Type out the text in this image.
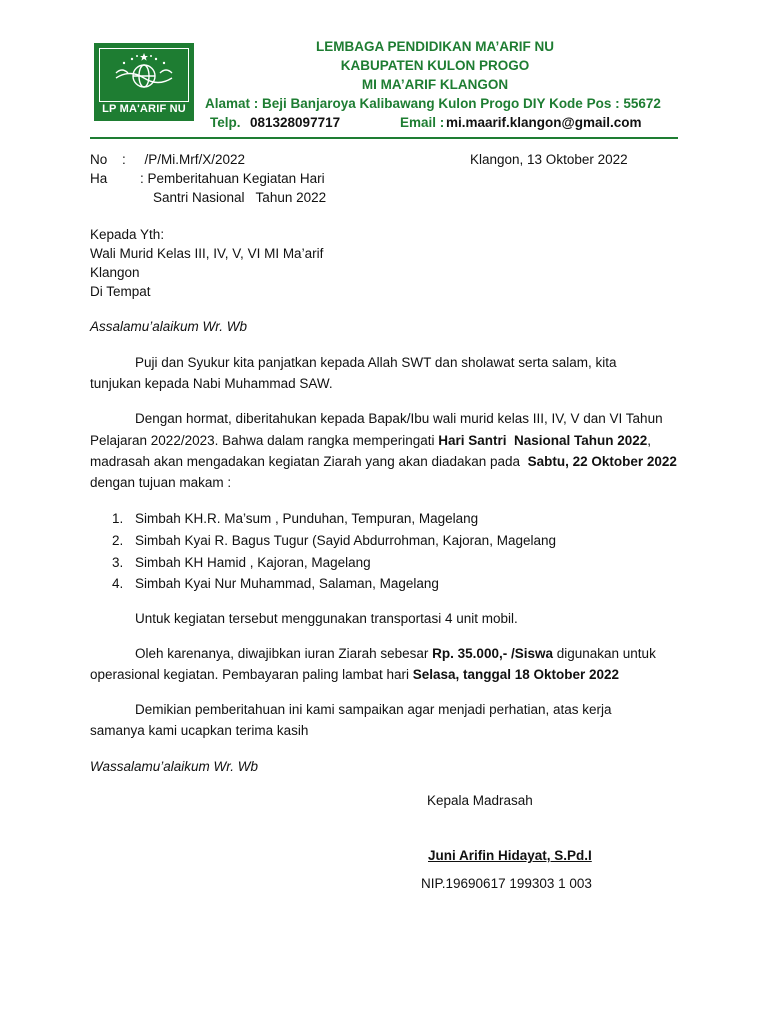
LP MA'ARIF NU
LEMBAGA PENDIDIKAN MA’ARIF NU
KABUPATEN KULON PROGO
MI MA’ARIF KLANGON
Alamat : Beji Banjaroya Kalibawang Kulon Progo DIY Kode Pos : 55672
Telp. 081328097717	Email : mi.maarif.klangon@gmail.com
No :     /P/Mi.Mrf/X/2022	Klangon, 13 Oktober 2022
Ha : Pemberitahuan Kegiatan Hari
Santri Nasional   Tahun 2022
Kepada Yth:
Wali Murid Kelas III, IV, V, VI MI Ma’arif
Klangon
Di Tempat
Assalamu’alaikum Wr. Wb
Puji dan Syukur kita panjatkan kepada Allah SWT dan sholawat serta salam, kita
tunjukan kepada Nabi Muhammad SAW.
Dengan hormat, diberitahukan kepada Bapak/Ibu wali murid kelas III, IV, V dan VI Tahun
Pelajaran 2022/2023. Bahwa dalam rangka memperingati Hari Santri  Nasional Tahun 2022,
madrasah akan mengadakan kegiatan Ziarah yang akan diadakan pada  Sabtu, 22 Oktober 2022
dengan tujuan makam :
1. Simbah KH.R. Ma’sum , Punduhan, Tempuran, Magelang
2. Simbah Kyai R. Bagus Tugur (Sayid Abdurrohman, Kajoran, Magelang
3. Simbah KH Hamid , Kajoran, Magelang
4. Simbah Kyai Nur Muhammad, Salaman, Magelang
Untuk kegiatan tersebut menggunakan transportasi 4 unit mobil.
Oleh karenanya, diwajibkan iuran Ziarah sebesar Rp. 35.000,- /Siswa digunakan untuk
operasional kegiatan. Pembayaran paling lambat hari Selasa, tanggal 18 Oktober 2022
Demikian pemberitahuan ini kami sampaikan agar menjadi perhatian, atas kerja
samanya kami ucapkan terima kasih
Wassalamu’alaikum Wr. Wb
Kepala Madrasah
Juni Arifin Hidayat, S.Pd.I
NIP.19690617 199303 1 003
